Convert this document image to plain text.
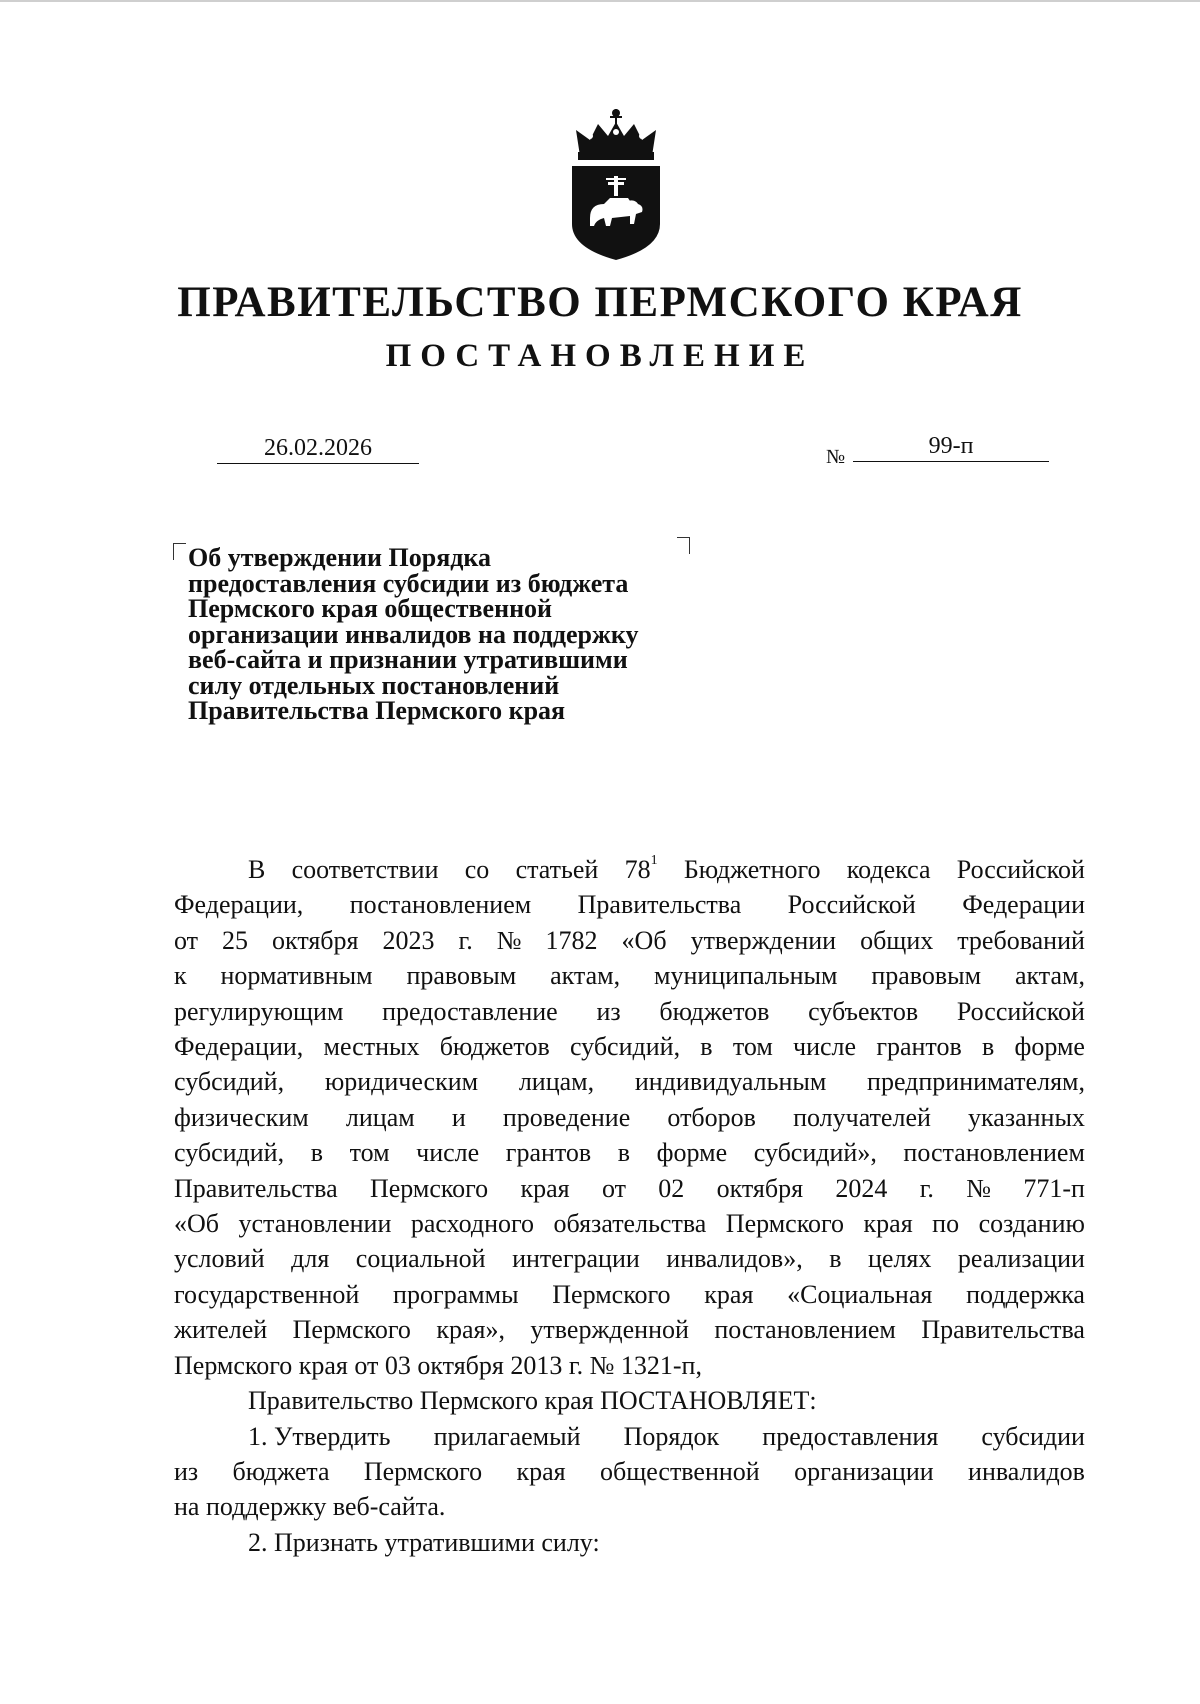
ПРАВИТЕЛЬСТВО ПЕРМСКОГО КРАЯ
ПОСТАНОВЛЕНИЕ
26.02.2026	№	99-п
Об утверждении Порядка
предоставления субсидии из бюджета
Пермского края общественной
организации инвалидов на поддержку
веб-сайта и признании утратившими
силу отдельных постановлений
Правительства Пермского края
В соответствии со статьей $78^1$ Бюджетного кодекса Российской
Федерации, постановлением Правительства Российской Федерации
от 25 октября 2023 г. № 1782 «Об утверждении общих требований
к нормативным правовым актам, муниципальным правовым актам,
регулирующим предоставление из бюджетов субъектов Российской
Федерации, местных бюджетов субсидий, в том числе грантов в форме
субсидий, юридическим лицам, индивидуальным предпринимателям,
физическим лицам и проведение отборов получателей указанных
субсидий, в том числе грантов в форме субсидий», постановлением
Правительства Пермского края от 02 октября 2024 г. № 771-п
«Об установлении расходного обязательства Пермского края по созданию
условий для социальной интеграции инвалидов», в целях реализации
государственной программы Пермского края «Социальная поддержка
жителей Пермского края», утвержденной постановлением Правительства
Пермского края от 03 октября 2013 г. № 1321-п,
Правительство Пермского края ПОСТАНОВЛЯЕТ:
1. Утвердить прилагаемый Порядок предоставления субсидии
из бюджета Пермского края общественной организации инвалидов
на поддержку веб-сайта.
2. Признать утратившими силу:
